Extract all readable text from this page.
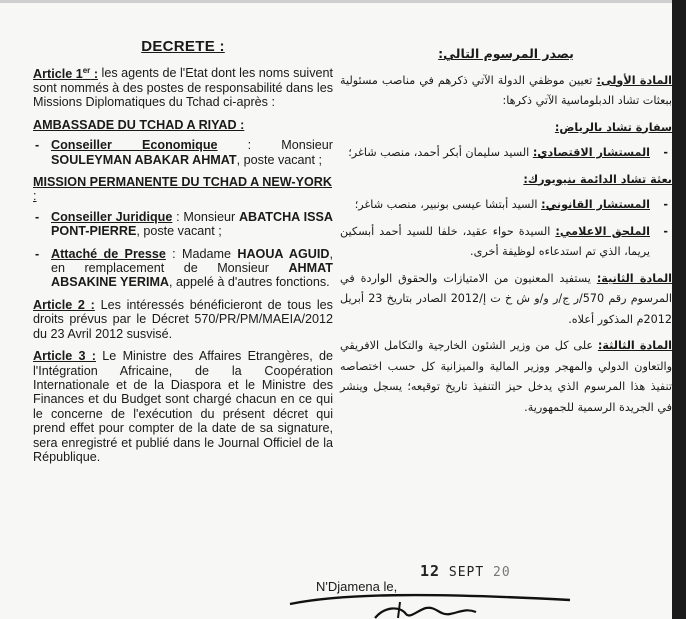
DECRETE :

Article 1er : les agents de l'Etat dont les noms suivent sont nommés à des postes de responsabilité dans les Missions Diplomatiques du Tchad ci-après :

AMBASSADE DU TCHAD A RIYAD :
- Conseiller Economique : Monsieur SOULEYMAN ABAKAR AHMAT, poste vacant ;
MISSION PERMANENTE DU TCHAD A NEW-YORK :
- Conseiller Juridique : Monsieur ABATCHA ISSA PONT-PIERRE, poste vacant ;
- Attaché de Presse : Madame HAOUA AGUID, en remplacement de Monsieur AHMAT ABSAKINE YERIMA, appelé à d'autres fonctions.

Article 2 : Les intéressés bénéficieront de tous les droits prévus par le Décret 570/PR/PM/MAEIA/2012 du 23 Avril 2012 susvisé.

Article 3 : Le Ministre des Affaires Etrangères, de l'Intégration Africaine, de la Coopération Internationale et de la Diaspora et le Ministre des Finances et du Budget sont chargé chacun en ce qui le concerne de l'exécution du présent décret qui prend effet pour compter de la date de sa signature, sera enregistré et publié dans le Journal Officiel de la République.

يصدر المرسوم التالي:

المادة الأولى: تعيين موظفي الدولة الآتي ذكرهم في مناصب مسئولية ببعثات تشاد الدبلوماسية الآتي ذكرها:

سفارة تشاد بالرياض:
-
المستشار الاقتصادي: السيد سليمان أبكر أحمد، منصب شاغر؛
بعثة تشاد الدائمة بنيويورك:
-
المستشار القانوني: السيد أبتشا عيسى بونبير، منصب شاغر؛
-
الملحق الاعلامي: السيدة حواء عقيد، خلفا للسيد أحمد أبسكين يريما، الذي تم استدعاءه لوظيفة أخرى.

المادة الثانية: يستفيد المعنيون من الامتيازات والحقوق الواردة في المرسوم رقم 570/ر ج/ر و/و ش خ ت إ/2012 الصادر بتاريخ 23 أبريل 2012م المذكور أعلاه.

المادة الثالثة: على كل من وزير الشئون الخارجية والتكامل الافريقي والتعاون الدولي والمهجر ووزير المالية والميزانية كل حسب اختصاصه تنفيذ هذا المرسوم الذي يدخل حيز التنفيذ تاريخ توقيعه؛ يسجل وينشر في الجريدة الرسمية للجمهورية.

12 SEPT 20
N'Djamena le,
